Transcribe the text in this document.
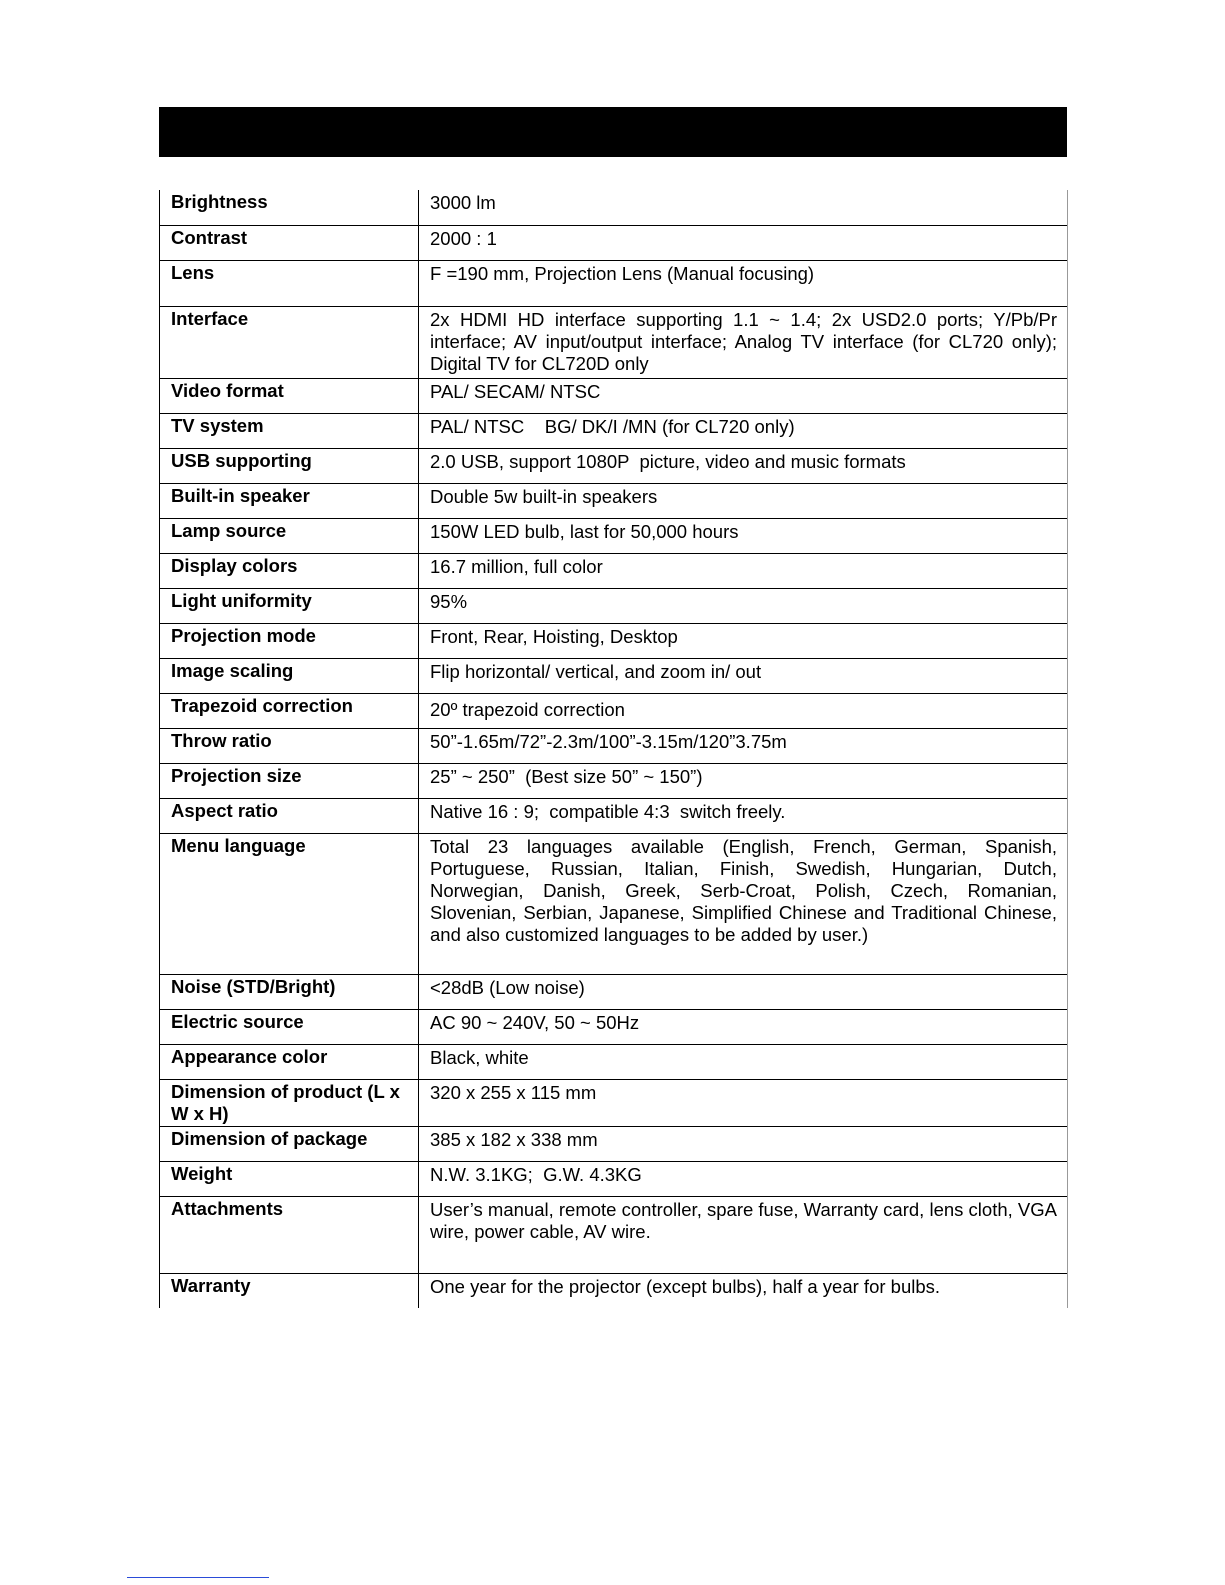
Brightness	3000 lm
Contrast	2000 : 1
Lens	F =190 mm, Projection Lens (Manual focusing)
Interface	2x HDMI HD interface supporting 1.1 ~ 1.4; 2x USD2.0 ports; Y/Pb/Pr interface; AV input/output interface; Analog TV interface (for CL720 only); Digital TV for CL720D only
Video format	PAL/ SECAM/ NTSC
TV system	PAL/ NTSC    BG/ DK/I /MN (for CL720 only)
USB supporting	2.0 USB, support 1080P  picture, video and music formats
Built-in speaker	Double 5w built-in speakers
Lamp source	150W LED bulb, last for 50,000 hours
Display colors	16.7 million, full color
Light uniformity	95%
Projection mode	Front, Rear, Hoisting, Desktop
Image scaling	Flip horizontal/ vertical, and zoom in/ out
Trapezoid correction	20º trapezoid correction
Throw ratio	50”-1.65m/72”-2.3m/100”-3.15m/120”3.75m
Projection size	25” ~ 250”  (Best size 50” ~ 150”)
Aspect ratio	Native 16 : 9;  compatible 4:3  switch freely.
Menu language	Total 23 languages available (English, French, German, Spanish, Portuguese, Russian, Italian, Finish, Swedish, Hungarian, Dutch, Norwegian, Danish, Greek, Serb-Croat, Polish, Czech, Romanian, Slovenian, Serbian, Japanese, Simplified Chinese and Traditional Chinese, and also customized languages to be added by user.)
Noise (STD/Bright)	<28dB (Low noise)
Electric source	AC 90 ~ 240V, 50 ~ 50Hz
Appearance color	Black, white
Dimension of product (L x W x H)	320 x 255 x 115 mm
Dimension of package	385 x 182 x 338 mm
Weight	N.W. 3.1KG;  G.W. 4.3KG
Attachments	User’s manual, remote controller, spare fuse, Warranty card, lens cloth, VGA wire, power cable, AV wire.
Warranty	One year for the projector (except bulbs), half a year for bulbs.
